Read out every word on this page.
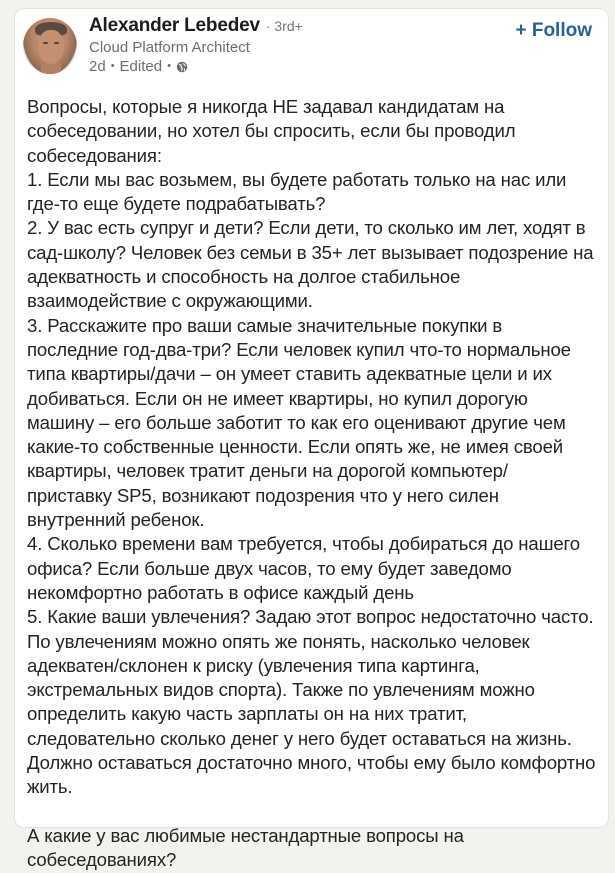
Alexander Lebedev · 3rd+
Cloud Platform Architect
2d • Edited •
+ Follow

Вопросы, которые я никогда НЕ задавал кандидатам на

собеседовании, но хотел бы спросить, если бы проводил

собеседования:

1. Если мы вас возьмем, вы будете работать только на нас или

где-то еще будете подрабатывать?

2. У вас есть супруг и дети? Если дети, то сколько им лет, ходят в

сад-школу? Человек без семьи в 35+ лет вызывает подозрение на

адекватность и способность на долгое стабильное

взаимодействие с окружающими.

3. Расскажите про ваши самые значительные покупки в

последние год-два-три? Если человек купил что-то нормальное

типа квартиры/дачи – он умеет ставить адекватные цели и их

добиваться. Если он не имеет квартиры, но купил дорогую

машину – его больше заботит то как его оценивают другие чем

какие-то собственные ценности. Если опять же, не имея своей

квартиры, человек тратит деньги на дорогой компьютер/

приставку SP5, возникают подозрения что у него силен

внутренний ребенок.

4. Сколько времени вам требуется, чтобы добираться до нашего

офиса? Если больше двух часов, то ему будет заведомо

некомфортно работать в офисе каждый день

5. Какие ваши увлечения? Задаю этот вопрос недостаточно часто.

По увлечениям можно опять же понять, насколько человек

адекватен/склонен к риску (увлечения типа картинга,

экстремальных видов спорта). Также по увлечениям можно

определить какую часть зарплаты он на них тратит,

следовательно сколько денег у него будет оставаться на жизнь.

Должно оставаться достаточно много, чтобы ему было комфортно

жить.

А какие у вас любимые нестандартные вопросы на

собеседованиях?
